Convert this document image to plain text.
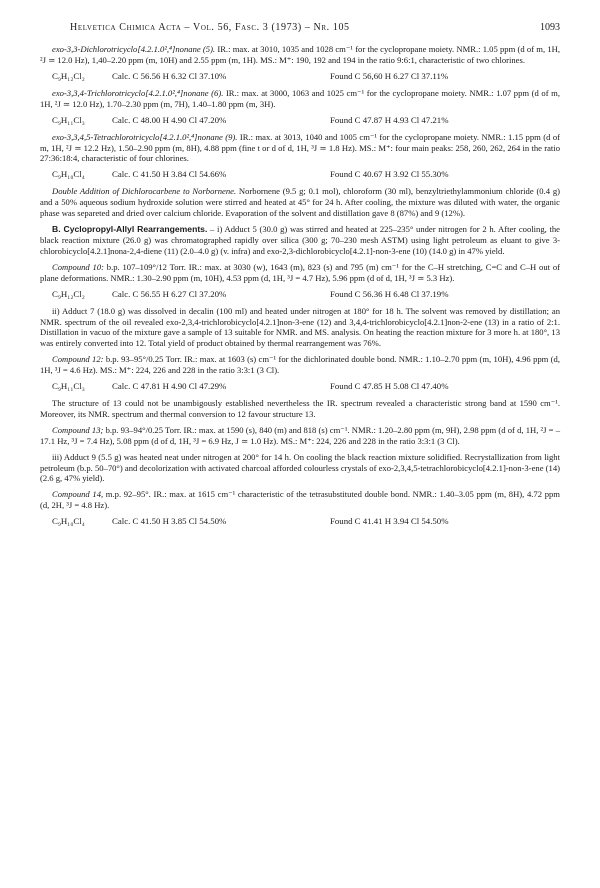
Helvetica Chimica Acta – Vol. 56, Fasc. 3 (1973) – Nr. 105	1093

exo-3,3-Dichlorotricyclo[4.2.1.0²,⁴]nonane (5). IR.: max. at 3010, 1035 and 1028 cm⁻¹ for the cyclopropane moiety. NMR.: 1.05 ppm (d of m, 1H, ²J ≃ 12.0 Hz), 1,40–2.20 ppm (m, 10H) and 2.55 ppm (m, 1H). MS.: M⁺: 190, 192 and 194 in the ratio 9:6:1, characteristic of two chlorines.

C₉H₁₂Cl₂	Calc. C 56.56 H 6.32 Cl 37.10%	Found C 56,60 H 6.27 Cl 37.11%

exo-3,3,4-Trichlorotricyclo[4.2.1.0²,⁴]nonane (6). IR.: max. at 3000, 1063 and 1025 cm⁻¹ for the cyclopropane moiety. NMR.: 1.07 ppm (d of m, 1H, ²J ≃ 12.0 Hz), 1.70–2.30 ppm (m, 7H), 1.40–1.80 ppm (m, 3H).

C₉H₁₁Cl₃	Calc. C 48.00 H 4.90 Cl 47.20%	Found C 47.87 H 4.93 Cl 47.21%

exo-3,3,4,5-Tetrachlorotricyclo[4.2.1.0²,⁴]nonane (9). IR.: max. at 3013, 1040 and 1005 cm⁻¹ for the cyclopropane moiety. NMR.: 1.15 ppm (d of m, 1H, ²J ≃ 12.2 Hz), 1.50–2.90 ppm (m, 8H), 4.88 ppm (fine t or d of d, 1H, ³J ≃ 1.8 Hz). MS.: M⁺: four main peaks: 258, 260, 262, 264 in the ratio 27:36:18:4, characteristic of four chlorines.

C₉H₁₀Cl₄	Calc. C 41.50 H 3.84 Cl 54.66%	Found C 40.67 H 3.92 Cl 55.30%

Double Addition of Dichlorocarbene to Norbornene. Norbornene (9.5 g; 0.1 mol), chloroform (30 ml), benzyltriethylammonium chloride (0.4 g) and a 50% aqueous sodium hydroxide solution were stirred and heated at 45° for 24 h. After cooling, the mixture was diluted with water, the organic phase was separeted and dried over calcium chloride. Evaporation of the solvent and distillation gave 8 (87%) and 9 (12%).

B. Cyclopropyl-Allyl Rearrangements. – i) Adduct 5 (30.0 g) was stirred and heated at 225–235° under nitrogen for 2 h. After cooling, the black reaction mixture (26.0 g) was chromatographed rapidly over silica (300 g; 70–230 mesh ASTM) using light petroleum as eluant to give 3-chlorobicyclo[4.2.1]nona-2,4-diene (11) (2.0–4.0 g) (v. infra) and exo-2,3-dichlorobicyclo[4.2.1]-non-3-ene (10) (14.0 g) in 47% yield.

Compound 10: b.p. 107–109°/12 Torr. IR.: max. at 3030 (w), 1643 (m), 823 (s) and 795 (m) cm⁻¹ for the C–H stretching, C=C and C–H out of plane deformations. NMR.: 1.30–2.90 ppm (m, 10H), 4.53 ppm (d, 1H, ³J = 4.7 Hz), 5.96 ppm (d of d, 1H, ³J ≃ 5.3 Hz).

C₉H₁₂Cl₂	Calc. C 56.55 H 6.27 Cl 37.20%	Found C 56.36 H 6.48 Cl 37.19%

ii) Adduct 7 (18.0 g) was dissolved in decalin (100 ml) and heated under nitrogen at 180° for 18 h. The solvent was removed by distillation; an NMR. spectrum of the oil revealed exo-2,3,4-trichlorobicyclo[4.2.1]non-3-ene (12) and 3,4,4-trichlorobicyclo[4.2.1]non-2-ene (13) in a ratio of 2:1. Distillation in vacuo of the mixture gave a sample of 13 suitable for NMR. and MS. analysis. On heating the reaction mixture for 3 more h. at 180°, 13 was entirely converted into 12. Total yield of product obtained by thermal rearrangement was 76%.

Compound 12: b.p. 93–95°/0.25 Torr. IR.: max. at 1603 (s) cm⁻¹ for the dichlorinated double bond. NMR.: 1.10–2.70 ppm (m, 10H), 4.96 ppm (d, 1H, ³J = 4.6 Hz). MS.: M⁺: 224, 226 and 228 in the ratio 3:3:1 (3 Cl).

C₉H₁₁Cl₃	Calc. C 47.81 H 4.90 Cl 47.29%	Found C 47.85 H 5.08 Cl 47.40%

The structure of 13 could not be unambigously established nevertheless the IR. spectrum revealed a characteristic strong band at 1590 cm⁻¹. Moreover, its NMR. spectrum and thermal conversion to 12 favour structure 13.

Compound 13; b.p. 93–94°/0.25 Torr. IR.: max. at 1590 (s), 840 (m) and 818 (s) cm⁻¹. NMR.: 1.20–2.80 ppm (m, 9H), 2.98 ppm (d of d, 1H, ²J = –17.1 Hz, ³J = 7.4 Hz), 5.08 ppm (d of d, 1H, ³J = 6.9 Hz, J ≃ 1.0 Hz). MS.: M⁺: 224, 226 and 228 in the ratio 3:3:1 (3 Cl).

iii) Adduct 9 (5.5 g) was heated neat under nitrogen at 200° for 14 h. On cooling the black reaction mixture solidified. Recrystallization from light petroleum (b.p. 50–70°) and decolorization with activated charcoal afforded colourless crystals of exo-2,3,4,5-tetrachlorobicyclo[4.2.1]-non-3-ene (14) (2.6 g, 47% yield).

Compound 14, m.p. 92–95°. IR.: max. at 1615 cm⁻¹ characteristic of the tetrasubstituted double bond. NMR.: 1.40–3.05 ppm (m, 8H), 4.72 ppm (d, 2H, ³J = 4.8 Hz).

C₉H₁₀Cl₄	Calc. C 41.50 H 3.85 Cl 54.50%	Found C 41.41 H 3.94 Cl 54.50%
